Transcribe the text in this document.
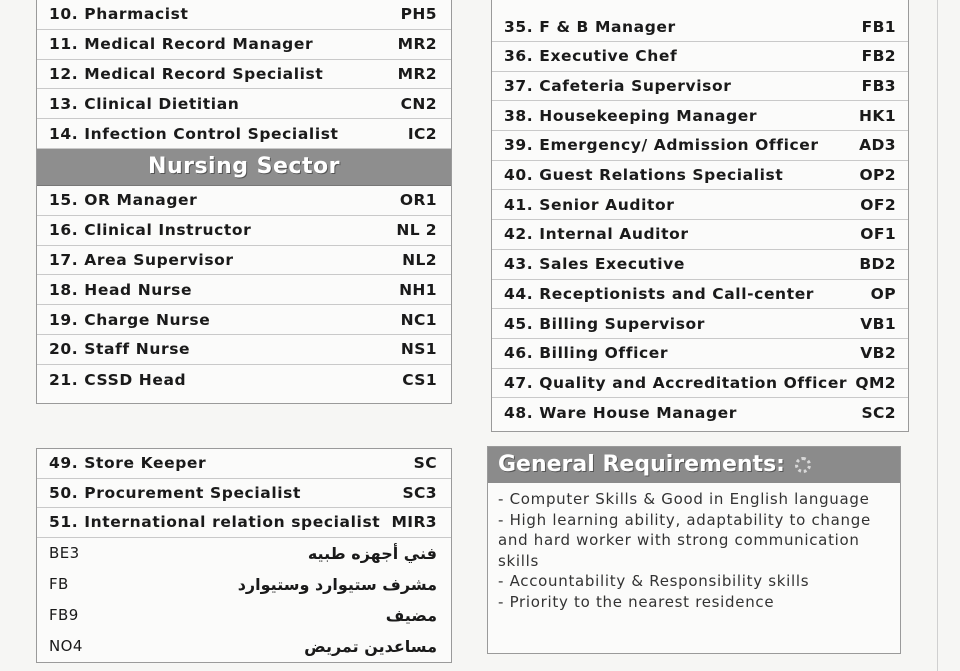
10. Pharmacist	PH5
11. Medical Record Manager	MR2
12. Medical Record Specialist	MR2
13. Clinical Dietitian	CN2
14. Infection Control Specialist	IC2
Nursing Sector
15. OR Manager	OR1
16. Clinical Instructor	NL 2
17. Area Supervisor	NL2
18. Head Nurse	NH1
19. Charge Nurse	NC1
20. Staff Nurse	NS1
21. CSSD Head	CS1
35. F & B Manager	FB1
36. Executive Chef	FB2
37. Cafeteria Supervisor	FB3
38. Housekeeping Manager	HK1
39. Emergency/ Admission Officer	AD3
40. Guest Relations Specialist	OP2
41. Senior Auditor	OF2
42. Internal Auditor	OF1
43. Sales Executive	BD2
44. Receptionists and Call-center	OP
45. Billing Supervisor	VB1
46. Billing Officer	VB2
47. Quality and Accreditation Officer QM2
48. Ware House Manager	SC2
49. Store Keeper	SC
50. Procurement Specialist	SC3
51. International relation specialist MIR3
BE3	فني أجهزه طبيه
FB	مشرف ستيوارد وستيوارد
FB9	مضيف
NO4	مساعدين تمريض
General Requirements:

- Computer Skills & Good in English language

- High learning ability, adaptability to change and hard worker with strong communication skills

- Accountability & Responsibility skills

- Priority to the nearest residence
